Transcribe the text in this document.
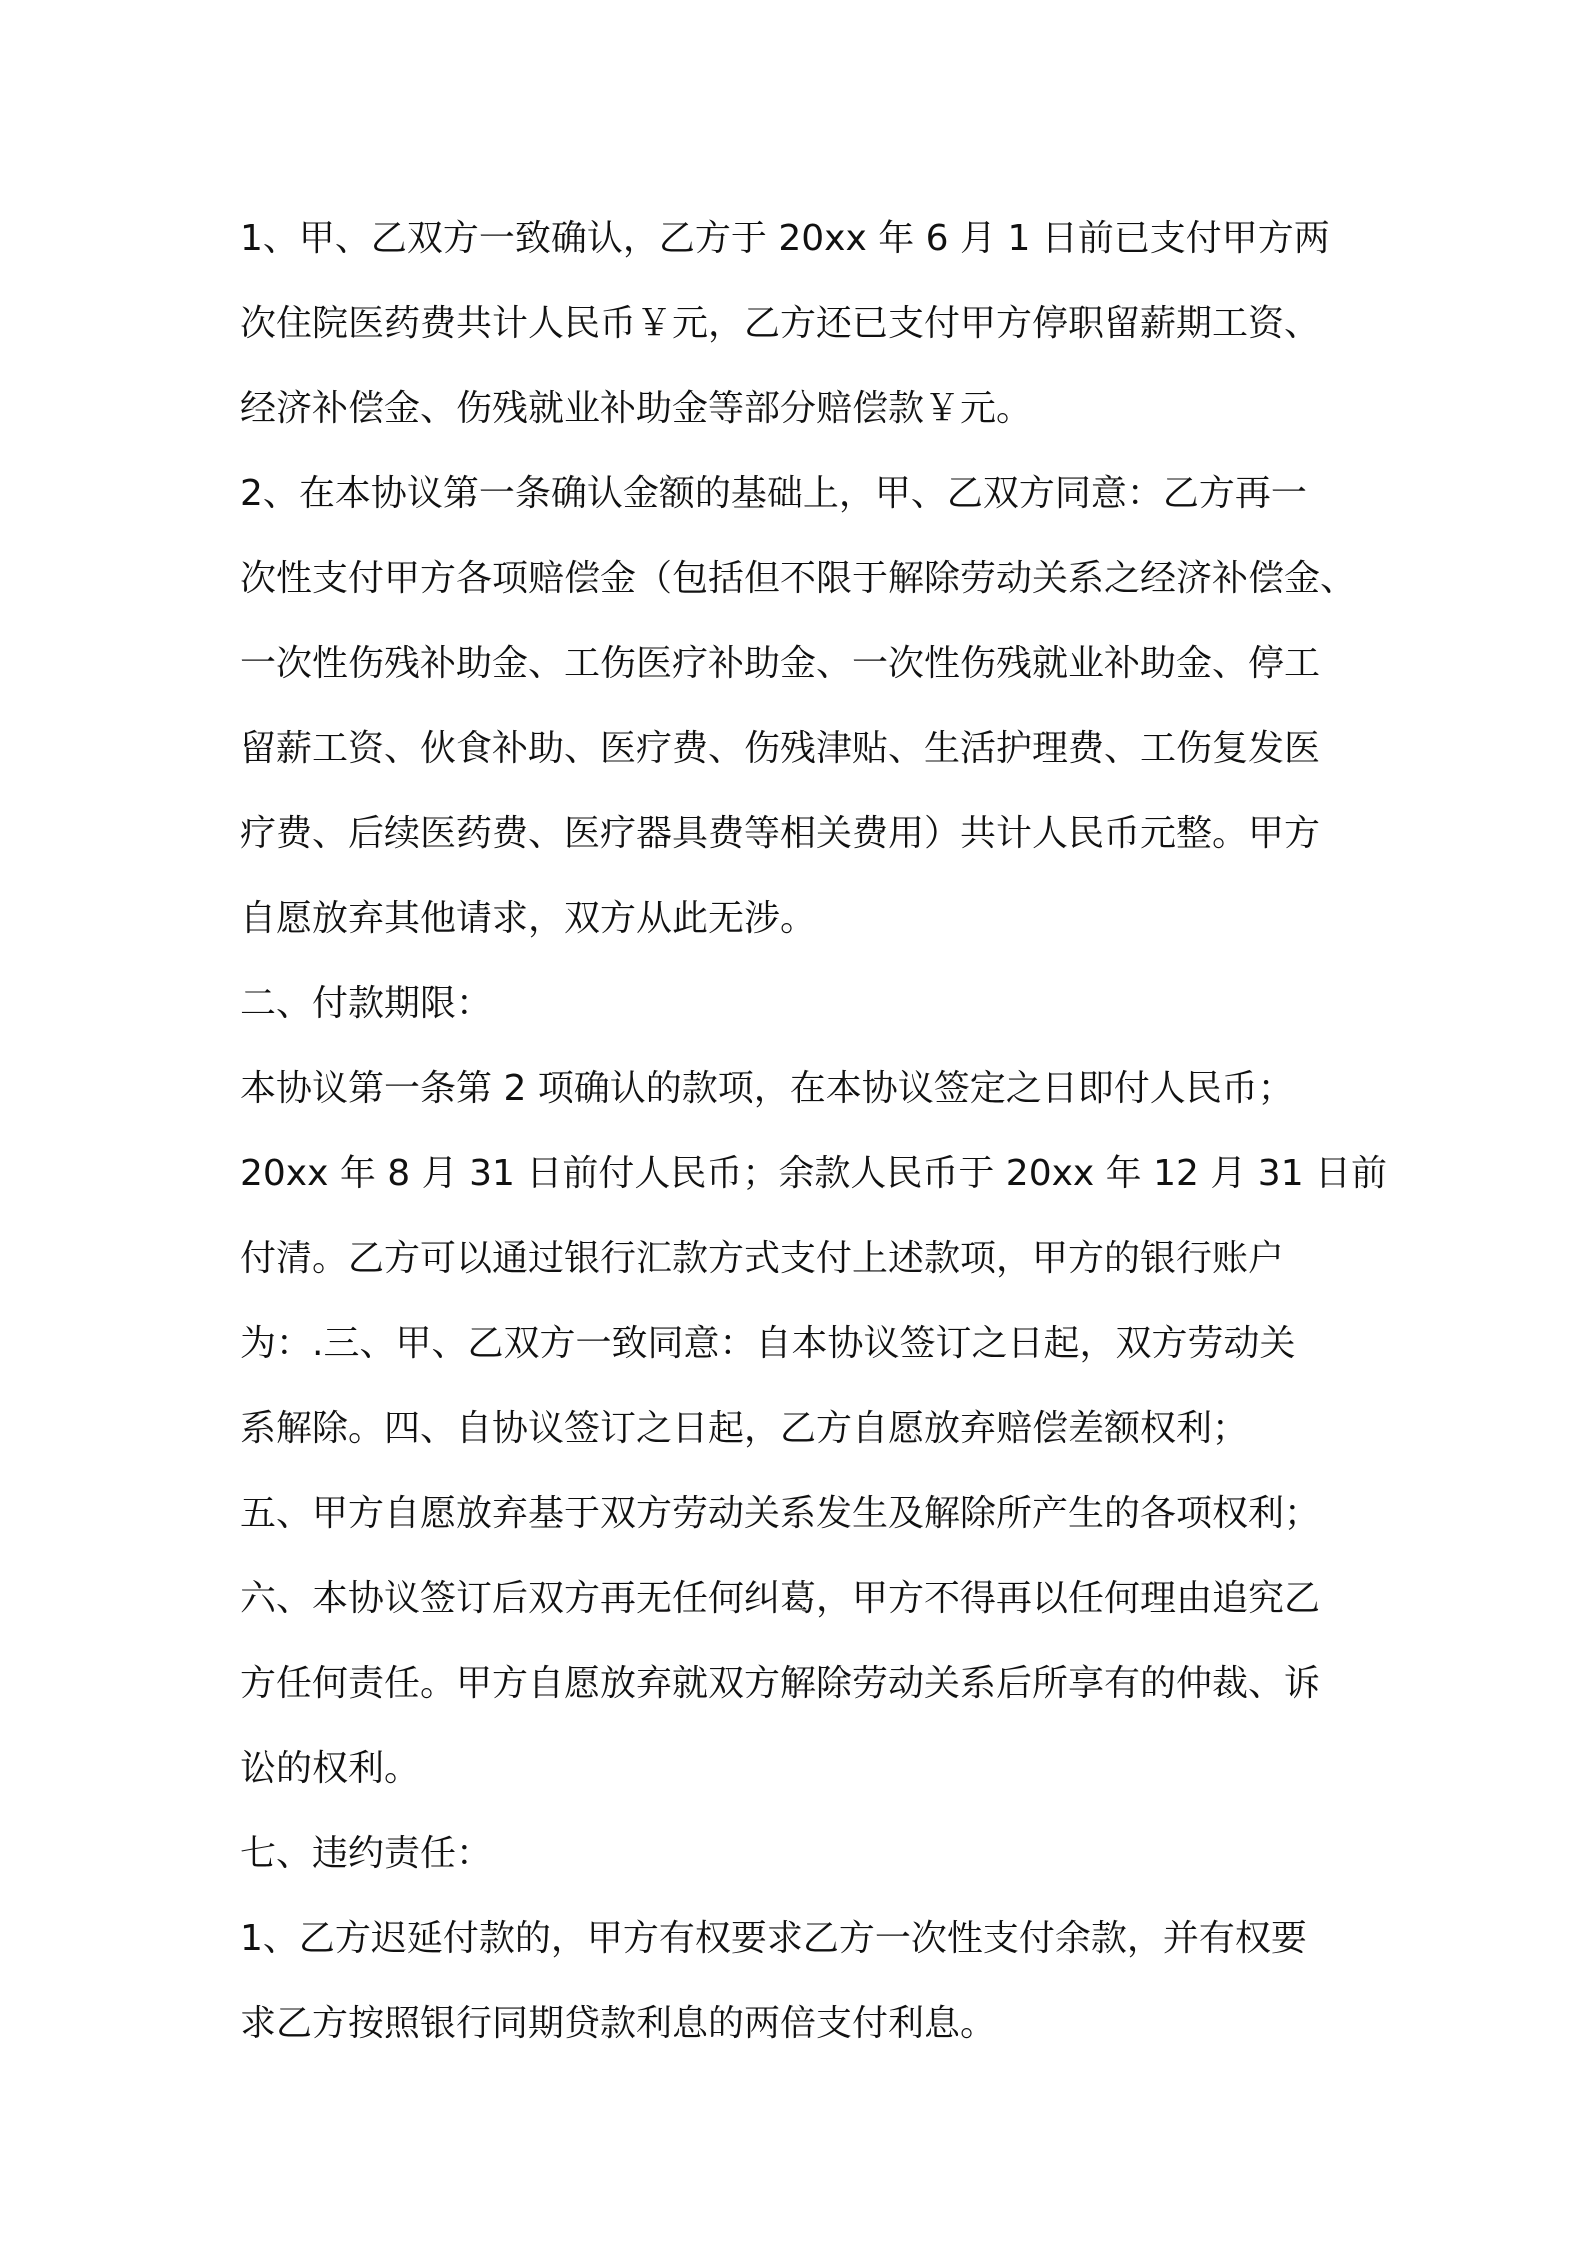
1、甲、乙双方一致确认，乙方于 20xx 年 6 月 1 日前已支付甲方两
次住院医药费共计人民币￥元，乙方还已支付甲方停职留薪期工资、
经济补偿金、伤残就业补助金等部分赔偿款￥元。
2、在本协议第一条确认金额的基础上，甲、乙双方同意：乙方再一
次性支付甲方各项赔偿金（包括但不限于解除劳动关系之经济补偿金、
一次性伤残补助金、工伤医疗补助金、一次性伤残就业补助金、停工
留薪工资、伙食补助、医疗费、伤残津贴、生活护理费、工伤复发医
疗费、后续医药费、医疗器具费等相关费用）共计人民币元整。甲方
自愿放弃其他请求，双方从此无涉。
二、付款期限：
本协议第一条第 2 项确认的款项，在本协议签定之日即付人民币；
20xx 年 8 月 31 日前付人民币；余款人民币于 20xx 年 12 月 31 日前
付清。乙方可以通过银行汇款方式支付上述款项，甲方的银行账户
为：.三、甲、乙双方一致同意：自本协议签订之日起，双方劳动关
系解除。四、自协议签订之日起，乙方自愿放弃赔偿差额权利；
五、甲方自愿放弃基于双方劳动关系发生及解除所产生的各项权利；
六、本协议签订后双方再无任何纠葛，甲方不得再以任何理由追究乙
方任何责任。甲方自愿放弃就双方解除劳动关系后所享有的仲裁、诉
讼的权利。
七、违约责任：
1、乙方迟延付款的，甲方有权要求乙方一次性支付余款，并有权要
求乙方按照银行同期贷款利息的两倍支付利息。
